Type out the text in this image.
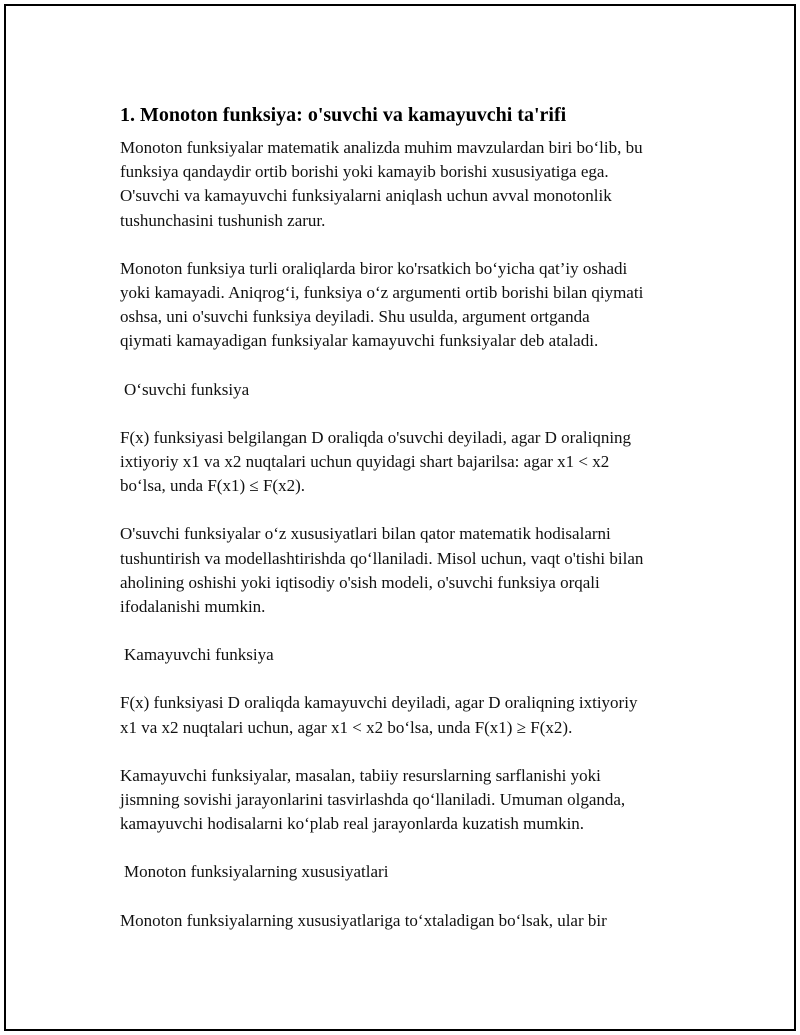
1. Monoton funksiya: o'suvchi va kamayuvchi ta'rifi

Monoton funksiyalar matematik analizda muhim mavzulardan biri bo‘lib, bu
funksiya qandaydir ortib borishi yoki kamayib borishi xususiyatiga ega.
O'suvchi va kamayuvchi funksiyalarni aniqlash uchun avval monotonlik
tushunchasini tushunish zarur.

Monoton funksiya turli oraliqlarda biror ko'rsatkich bo‘yicha qat’iy oshadi
yoki kamayadi. Aniqrog‘i, funksiya o‘z argumenti ortib borishi bilan qiymati
oshsa, uni o'suvchi funksiya deyiladi. Shu usulda, argument ortganda
qiymati kamayadigan funksiyalar kamayuvchi funksiyalar deb ataladi.

O‘suvchi funksiya

F(x) funksiyasi belgilangan D oraliqda o'suvchi deyiladi, agar D oraliqning
ixtiyoriy x1 va x2 nuqtalari uchun quyidagi shart bajarilsa: agar x1 < x2
bo‘lsa, unda F(x1) ≤ F(x2).

O'suvchi funksiyalar o‘z xususiyatlari bilan qator matematik hodisalarni
tushuntirish va modellashtirishda qo‘llaniladi. Misol uchun, vaqt o'tishi bilan
aholining oshishi yoki iqtisodiy o'sish modeli, o'suvchi funksiya orqali
ifodalanishi mumkin.

Kamayuvchi funksiya

F(x) funksiyasi D oraliqda kamayuvchi deyiladi, agar D oraliqning ixtiyoriy
x1 va x2 nuqtalari uchun, agar x1 < x2 bo‘lsa, unda F(x1) ≥ F(x2).

Kamayuvchi funksiyalar, masalan, tabiiy resurslarning sarflanishi yoki
jismning sovishi jarayonlarini tasvirlashda qo‘llaniladi. Umuman olganda,
kamayuvchi hodisalarni ko‘plab real jarayonlarda kuzatish mumkin.

Monoton funksiyalarning xususiyatlari

Monoton funksiyalarning xususiyatlariga to‘xtaladigan bo‘lsak, ular bir
